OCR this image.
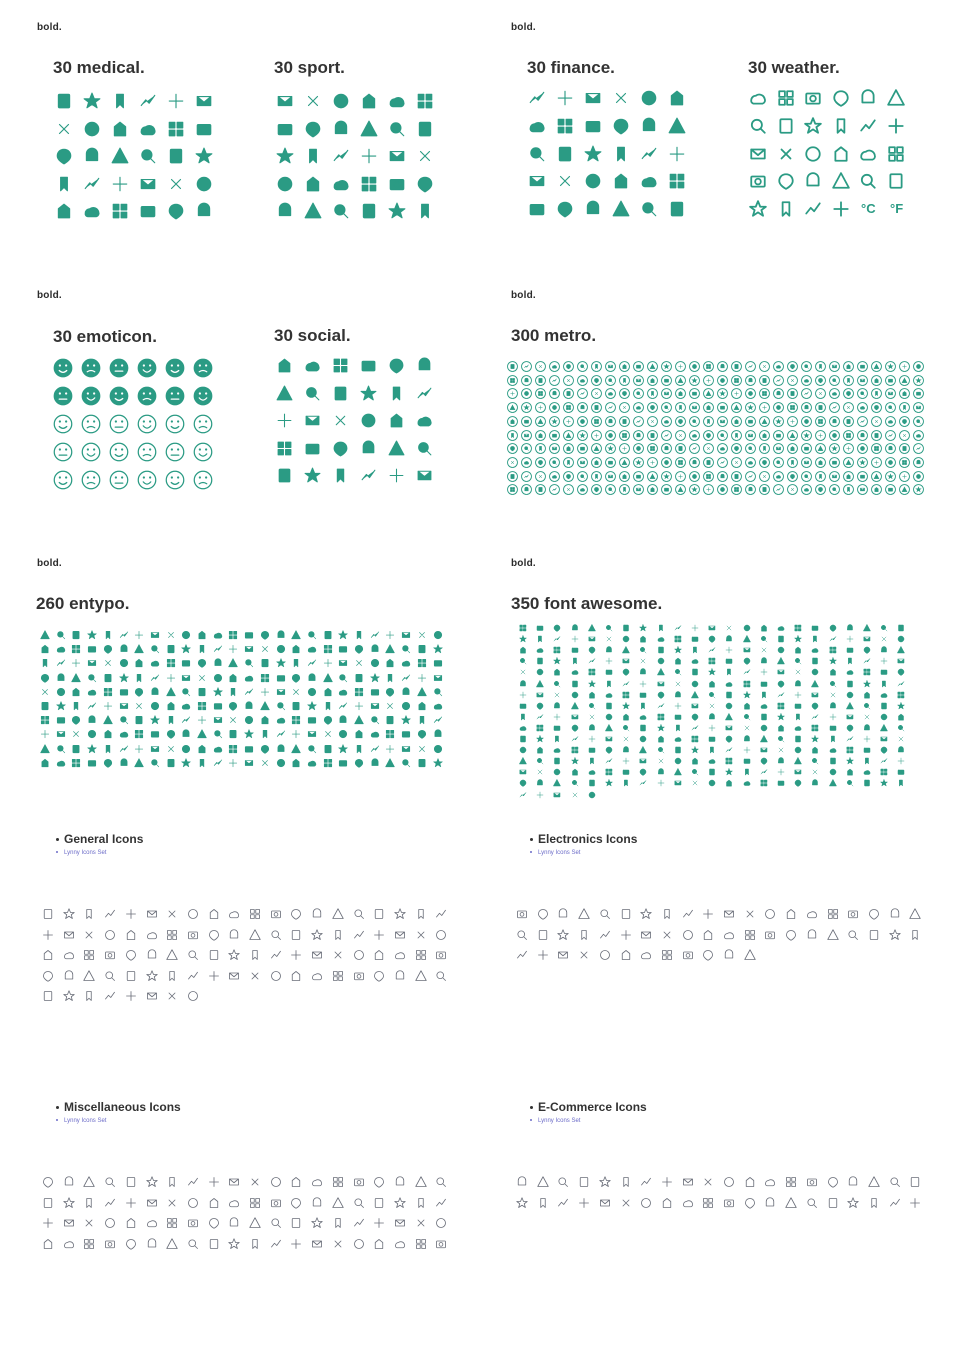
bold.	bold.
bold.	bold.
bold.	bold.
30 medical.	30 sport.	30 finance.	30 weather.
30 emoticon.	30 social.	300 metro.
260 entypo.	350 font awesome.
°C °F
General Icons
Lynny Icons Set
Electronics Icons
Lynny Icons Set
Miscellaneous Icons
Lynny Icons Set
E-Commerce Icons
Lynny Icons Set
